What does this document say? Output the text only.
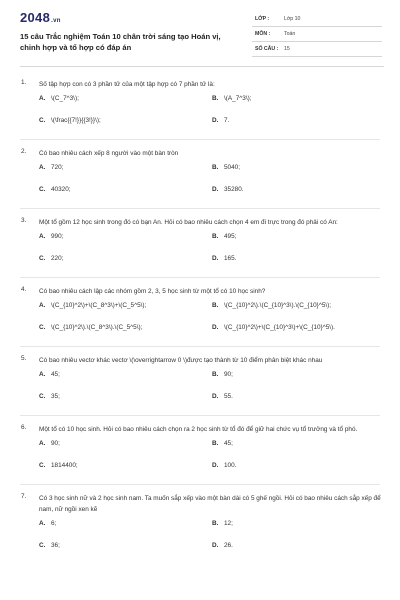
2048.vn
15 câu Trắc nghiệm Toán 10 chân trời sáng tạo Hoán vị, chỉnh hợp và tổ hợp có đáp án
LỚP :	Lớp 10
MÔN :	Toán
SỐ CÂU : 15
1. Số tập hợp con có 3 phần tử của một tập hợp có 7 phần tử là:
A. \(C_7^3\);	B. \(A_7^3\);
C. \(\frac{{7!}}{{3!}}\);	D. 7.
2. Có bao nhiêu cách xếp 8 người vào một bàn tròn
A. 720;	B. 5040;
C. 40320;	D. 35280.
3. Một tổ gồm 12 học sinh trong đó có bạn An. Hỏi có bao nhiêu cách chọn 4 em đi trực trong đó phải có An:
A. 990;	B. 495;
C. 220;	D. 165.
4. Có bao nhiêu cách lập các nhóm gồm 2, 3, 5 học sinh từ một tổ có 10 học sinh?
A. \(C_{10}^2\)+\(C_8^3\)+\(C_5^5\);	B. \(C_{10}^2\).\(C_{10}^3\).\(C_{10}^5\);
C. \(C_{10}^2\).\(C_8^3\).\(C_5^5\);	D. \(C_{10}^2\)+\(C_{10}^3\)+\(C_{10}^5\).
5. Có bao nhiêu vectơ khác vectơ \(\overrightarrow 0 \)được tạo thành từ 10 điểm phân biệt khác nhau
A. 45;	B. 90;
C. 35;	D. 55.
6. Một tổ có 10 học sinh. Hỏi có bao nhiêu cách chọn ra 2 học sinh từ tổ đó để giữ hai chức vụ tổ trưởng và tổ phó.
A. 90;	B. 45;
C. 1814400;	D. 100.
7. Có 3 học sinh nữ và 2 học sinh nam. Ta muốn sắp xếp vào một bàn dài có 5 ghế ngồi. Hỏi có bao nhiêu cách sắp xếp để nam, nữ ngồi xen kẽ
A. 6;	B. 12;
C. 36;	D. 26.
